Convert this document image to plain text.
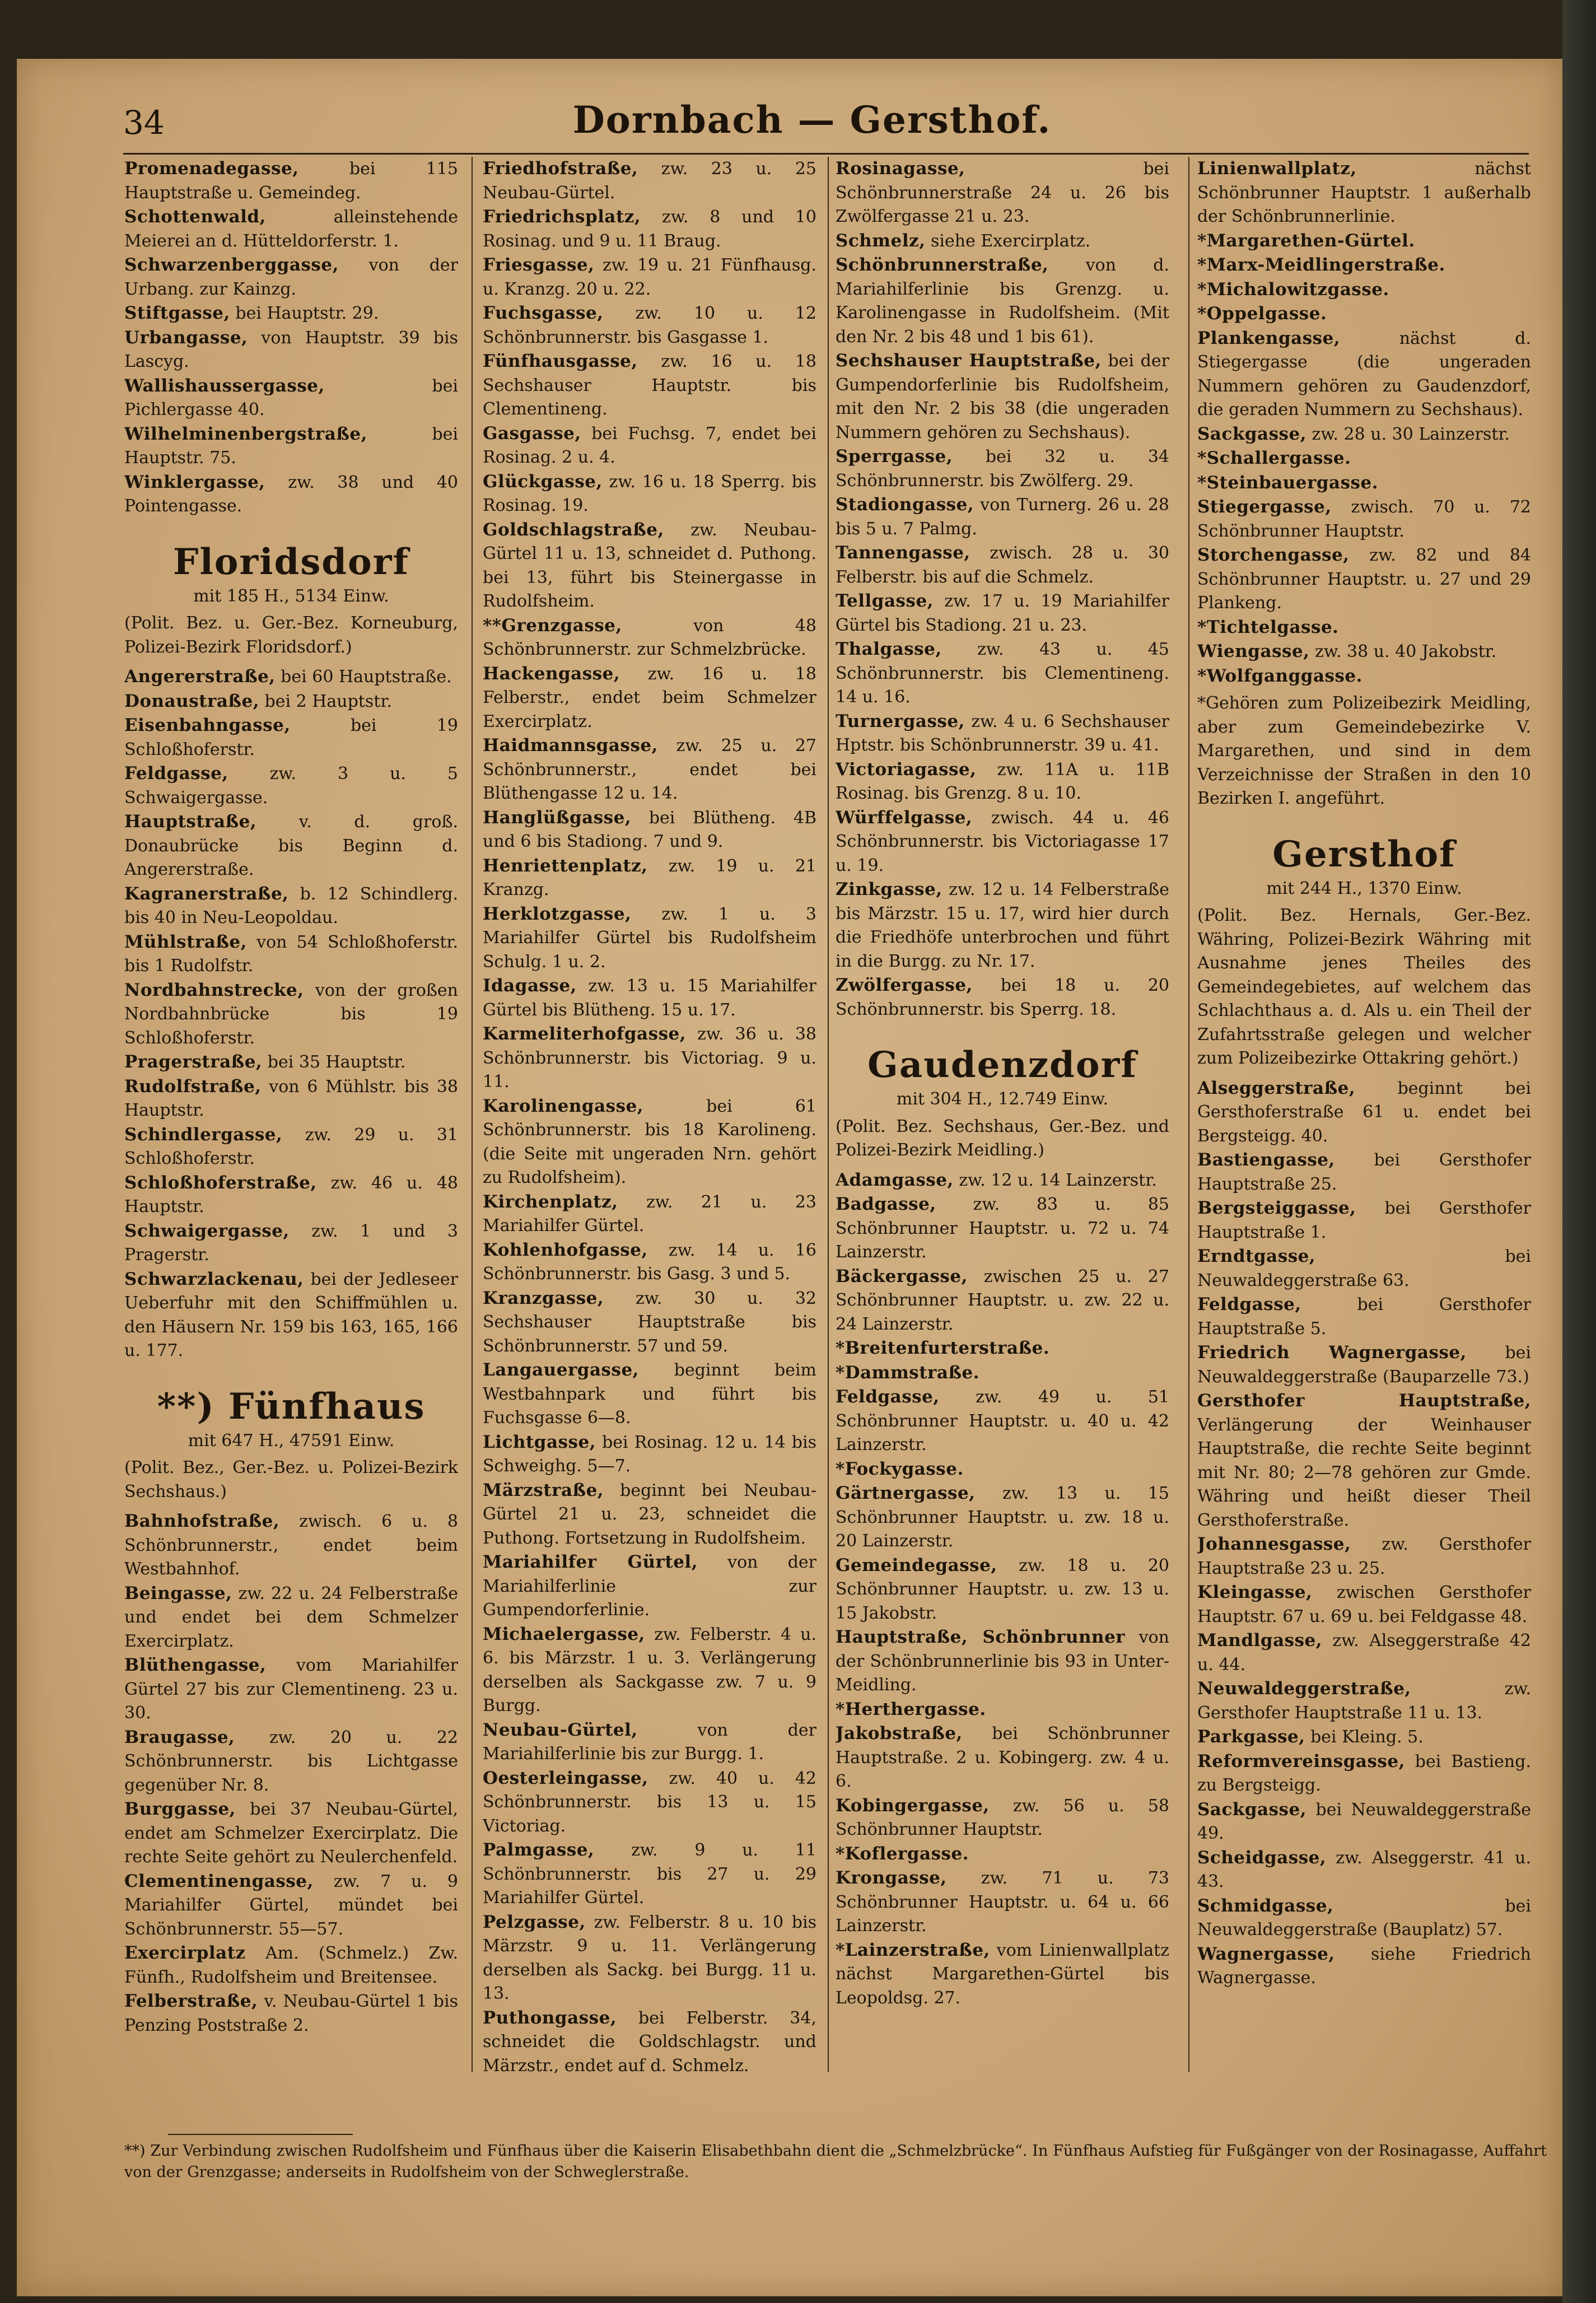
34	Dornbach — Gersthof.

Promenadegasse, bei 115 Hauptstraße u. Gemeindeg.

Schottenwald, alleinstehende Meierei an d. Hütteldorferstr. 1.

Schwarzenberggasse, von der Urbang. zur Kainzg.

Stiftgasse, bei Hauptstr. 29.

Urbangasse, von Hauptstr. 39 bis Lascyg.

Wallishaussergasse, bei Pichlergasse 40.

Wilhelminenbergstraße, bei Hauptstr. 75.

Winklergasse, zw. 38 und 40 Pointengasse.

Floridsdorf

mit 185 H., 5134 Einw.

(Polit. Bez. u. Ger.-Bez. Korneuburg, Polizei-Bezirk Floridsdorf.)

Angererstraße, bei 60 Hauptstraße.

Donaustraße, bei 2 Hauptstr.

Eisenbahngasse, bei 19 Schloßhoferstr.

Feldgasse, zw. 3 u. 5 Schwaigergasse.

Hauptstraße, v. d. groß. Donaubrücke bis Beginn d. Angererstraße.

Kagranerstraße, b. 12 Schindlerg. bis 40 in Neu-Leopoldau.

Mühlstraße, von 54 Schloßhoferstr. bis 1 Rudolfstr.

Nordbahnstrecke, von der großen Nordbahnbrücke bis 19 Schloßhoferstr.

Pragerstraße, bei 35 Hauptstr.

Rudolfstraße, von 6 Mühlstr. bis 38 Hauptstr.

Schindlergasse, zw. 29 u. 31 Schloßhoferstr.

Schloßhoferstraße, zw. 46 u. 48 Hauptstr.

Schwaigergasse, zw. 1 und 3 Pragerstr.

Schwarzlackenau, bei der Jedleseer Ueberfuhr mit den Schiffmühlen u. den Häusern Nr. 159 bis 163, 165, 166 u. 177.

**) Fünfhaus

mit 647 H., 47591 Einw.

(Polit. Bez., Ger.-Bez. u. Polizei-Bezirk Sechshaus.)

Bahnhofstraße, zwisch. 6 u. 8 Schönbrunnerstr., endet beim Westbahnhof.

Beingasse, zw. 22 u. 24 Felberstraße und endet bei dem Schmelzer Exercirplatz.

Blüthengasse, vom Mariahilfer Gürtel 27 bis zur Clementineng. 23 u. 30.

Braugasse, zw. 20 u. 22 Schönbrunnerstr. bis Lichtgasse gegenüber Nr. 8.

Burggasse, bei 37 Neubau-Gürtel, endet am Schmelzer Exercirplatz. Die rechte Seite gehört zu Neulerchenfeld.

Clementinengasse, zw. 7 u. 9 Mariahilfer Gürtel, mündet bei Schönbrunnerstr. 55—57.

Exercirplatz Am. (Schmelz.) Zw. Fünfh., Rudolfsheim und Breitensee.

Felberstraße, v. Neubau-Gürtel 1 bis Penzing Poststraße 2.

Friedhofstraße, zw. 23 u. 25 Neubau-Gürtel.

Friedrichsplatz, zw. 8 und 10 Rosinag. und 9 u. 11 Braug.

Friesgasse, zw. 19 u. 21 Fünfhausg. u. Kranzg. 20 u. 22.

Fuchsgasse, zw. 10 u. 12 Schönbrunnerstr. bis Gasgasse 1.

Fünfhausgasse, zw. 16 u. 18 Sechshauser Hauptstr. bis Clementineng.

Gasgasse, bei Fuchsg. 7, endet bei Rosinag. 2 u. 4.

Glückgasse, zw. 16 u. 18 Sperrg. bis Rosinag. 19.

Goldschlagstraße, zw. Neubau-Gürtel 11 u. 13, schneidet d. Puthong. bei 13, führt bis Steinergasse in Rudolfsheim.

**Grenzgasse, von 48 Schönbrunnerstr. zur Schmelzbrücke.

Hackengasse, zw. 16 u. 18 Felberstr., endet beim Schmelzer Exercirplatz.

Haidmannsgasse, zw. 25 u. 27 Schönbrunnerstr., endet bei Blüthengasse 12 u. 14.

Hanglüßgasse, bei Blütheng. 4B und 6 bis Stadiong. 7 und 9.

Henriettenplatz, zw. 19 u. 21 Kranzg.

Herklotzgasse, zw. 1 u. 3 Mariahilfer Gürtel bis Rudolfsheim Schulg. 1 u. 2.

Idagasse, zw. 13 u. 15 Mariahilfer Gürtel bis Blütheng. 15 u. 17.

Karmeliterhofgasse, zw. 36 u. 38 Schönbrunnerstr. bis Victoriag. 9 u. 11.

Karolinengasse, bei 61 Schönbrunnerstr. bis 18 Karolineng. (die Seite mit ungeraden Nrn. gehört zu Rudolfsheim).

Kirchenplatz, zw. 21 u. 23 Mariahilfer Gürtel.

Kohlenhofgasse, zw. 14 u. 16 Schönbrunnerstr. bis Gasg. 3 und 5.

Kranzgasse, zw. 30 u. 32 Sechshauser Hauptstraße bis Schönbrunnerstr. 57 und 59.

Langauergasse, beginnt beim Westbahnpark und führt bis Fuchsgasse 6—8.

Lichtgasse, bei Rosinag. 12 u. 14 bis Schweighg. 5—7.

Märzstraße, beginnt bei Neubau-Gürtel 21 u. 23, schneidet die Puthong. Fortsetzung in Rudolfsheim.

Mariahilfer Gürtel, von der Mariahilferlinie zur Gumpendorferlinie.

Michaelergasse, zw. Felberstr. 4 u. 6. bis Märzstr. 1 u. 3. Verlängerung derselben als Sackgasse zw. 7 u. 9 Burgg.

Neubau-Gürtel, von der Mariahilferlinie bis zur Burgg. 1.

Oesterleingasse, zw. 40 u. 42 Schönbrunnerstr. bis 13 u. 15 Victoriag.

Palmgasse, zw. 9 u. 11 Schönbrunnerstr. bis 27 u. 29 Mariahilfer Gürtel.

Pelzgasse, zw. Felberstr. 8 u. 10 bis Märzstr. 9 u. 11. Verlängerung derselben als Sackg. bei Burgg. 11 u. 13.

Puthongasse, bei Felberstr. 34, schneidet die Goldschlagstr. und Märzstr., endet auf d. Schmelz.

Rosinagasse, bei Schönbrunnerstraße 24 u. 26 bis Zwölfergasse 21 u. 23.

Schmelz, siehe Exercirplatz.

Schönbrunnerstraße, von d. Mariahilferlinie bis Grenzg. u. Karolinengasse in Rudolfsheim. (Mit den Nr. 2 bis 48 und 1 bis 61).

Sechshauser Hauptstraße, bei der Gumpendorferlinie bis Rudolfsheim, mit den Nr. 2 bis 38 (die ungeraden Nummern gehören zu Sechshaus).

Sperrgasse, bei 32 u. 34 Schönbrunnerstr. bis Zwölferg. 29.

Stadiongasse, von Turnerg. 26 u. 28 bis 5 u. 7 Palmg.

Tannengasse, zwisch. 28 u. 30 Felberstr. bis auf die Schmelz.

Tellgasse, zw. 17 u. 19 Mariahilfer Gürtel bis Stadiong. 21 u. 23.

Thalgasse, zw. 43 u. 45 Schönbrunnerstr. bis Clementineng. 14 u. 16.

Turnergasse, zw. 4 u. 6 Sechshauser Hptstr. bis Schönbrunnerstr. 39 u. 41.

Victoriagasse, zw. 11A u. 11B Rosinag. bis Grenzg. 8 u. 10.

Würffelgasse, zwisch. 44 u. 46 Schönbrunnerstr. bis Victoriagasse 17 u. 19.

Zinkgasse, zw. 12 u. 14 Felberstraße bis Märzstr. 15 u. 17, wird hier durch die Friedhöfe unterbrochen und führt in die Burgg. zu Nr. 17.

Zwölfergasse, bei 18 u. 20 Schönbrunnerstr. bis Sperrg. 18.

Gaudenzdorf

mit 304 H., 12.749 Einw.

(Polit. Bez. Sechshaus, Ger.-Bez. und Polizei-Bezirk Meidling.)

Adamgasse, zw. 12 u. 14 Lainzerstr.

Badgasse, zw. 83 u. 85 Schönbrunner Hauptstr. u. 72 u. 74 Lainzerstr.

Bäckergasse, zwischen 25 u. 27 Schönbrunner Hauptstr. u. zw. 22 u. 24 Lainzerstr.

*Breitenfurterstraße.

*Dammstraße.

Feldgasse, zw. 49 u. 51 Schönbrunner Hauptstr. u. 40 u. 42 Lainzerstr.

*Fockygasse.

Gärtnergasse, zw. 13 u. 15 Schönbrunner Hauptstr. u. zw. 18 u. 20 Lainzerstr.

Gemeindegasse, zw. 18 u. 20 Schönbrunner Hauptstr. u. zw. 13 u. 15 Jakobstr.

Hauptstraße, Schönbrunner von der Schönbrunnerlinie bis 93 in Unter-Meidling.

*Herthergasse.

Jakobstraße, bei Schönbrunner Hauptstraße. 2 u. Kobingerg. zw. 4 u. 6.

Kobingergasse, zw. 56 u. 58 Schönbrunner Hauptstr.

*Koflergasse.

Krongasse, zw. 71 u. 73 Schönbrunner Hauptstr. u. 64 u. 66 Lainzerstr.

*Lainzerstraße, vom Linienwallplatz nächst Margarethen-Gürtel bis Leopoldsg. 27.

Linienwallplatz, nächst Schönbrunner Hauptstr. 1 außerhalb der Schönbrunnerlinie.

*Margarethen-Gürtel.

*Marx-Meidlingerstraße.

*Michalowitzgasse.

*Oppelgasse.

Plankengasse, nächst d. Stiegergasse (die ungeraden Nummern gehören zu Gaudenzdorf, die geraden Nummern zu Sechshaus).

Sackgasse, zw. 28 u. 30 Lainzerstr.

*Schallergasse.

*Steinbauergasse.

Stiegergasse, zwisch. 70 u. 72 Schönbrunner Hauptstr.

Storchengasse, zw. 82 und 84 Schönbrunner Hauptstr. u. 27 und 29 Plankeng.

*Tichtelgasse.

Wiengasse, zw. 38 u. 40 Jakobstr.

*Wolfganggasse.

*Gehören zum Polizeibezirk Meidling, aber zum Gemeindebezirke V. Margarethen, und sind in dem Verzeichnisse der Straßen in den 10 Bezirken I. angeführt.

Gersthof

mit 244 H., 1370 Einw.

(Polit. Bez. Hernals, Ger.-Bez. Währing, Polizei-Bezirk Währing mit Ausnahme jenes Theiles des Gemeindegebietes, auf welchem das Schlachthaus a. d. Als u. ein Theil der Zufahrtsstraße gelegen und welcher zum Polizeibezirke Ottakring gehört.)

Alseggerstraße, beginnt bei Gersthoferstraße 61 u. endet bei Bergsteigg. 40.

Bastiengasse, bei Gersthofer Hauptstraße 25.

Bergsteiggasse, bei Gersthofer Hauptstraße 1.

Erndtgasse, bei Neuwaldeggerstraße 63.

Feldgasse, bei Gersthofer Hauptstraße 5.

Friedrich Wagnergasse, bei Neuwaldeggerstraße (Bauparzelle 73.)

Gersthofer Hauptstraße, Verlängerung der Weinhauser Hauptstraße, die rechte Seite beginnt mit Nr. 80; 2—78 gehören zur Gmde. Währing und heißt dieser Theil Gersthoferstraße.

Johannesgasse, zw. Gersthofer Hauptstraße 23 u. 25.

Kleingasse, zwischen Gersthofer Hauptstr. 67 u. 69 u. bei Feldgasse 48.

Mandlgasse, zw. Alseggerstraße 42 u. 44.

Neuwaldeggerstraße, zw. Gersthofer Hauptstraße 11 u. 13.

Parkgasse, bei Kleing. 5.

Reformvereinsgasse, bei Bastieng. zu Bergsteigg.

Sackgasse, bei Neuwaldeggerstraße 49.

Scheidgasse, zw. Alseggerstr. 41 u. 43.

Schmidgasse, bei Neuwaldeggerstraße (Bauplatz) 57.

Wagnergasse, siehe Friedrich Wagnergasse.

**) Zur Verbindung zwischen Rudolfsheim und Fünfhaus über die Kaiserin Elisabethbahn dient die „Schmelzbrücke“. In Fünfhaus Aufstieg für Fußgänger von der Rosinagasse, Auffahrt von der Grenzgasse; anderseits in Rudolfsheim von der Schweglerstraße.
